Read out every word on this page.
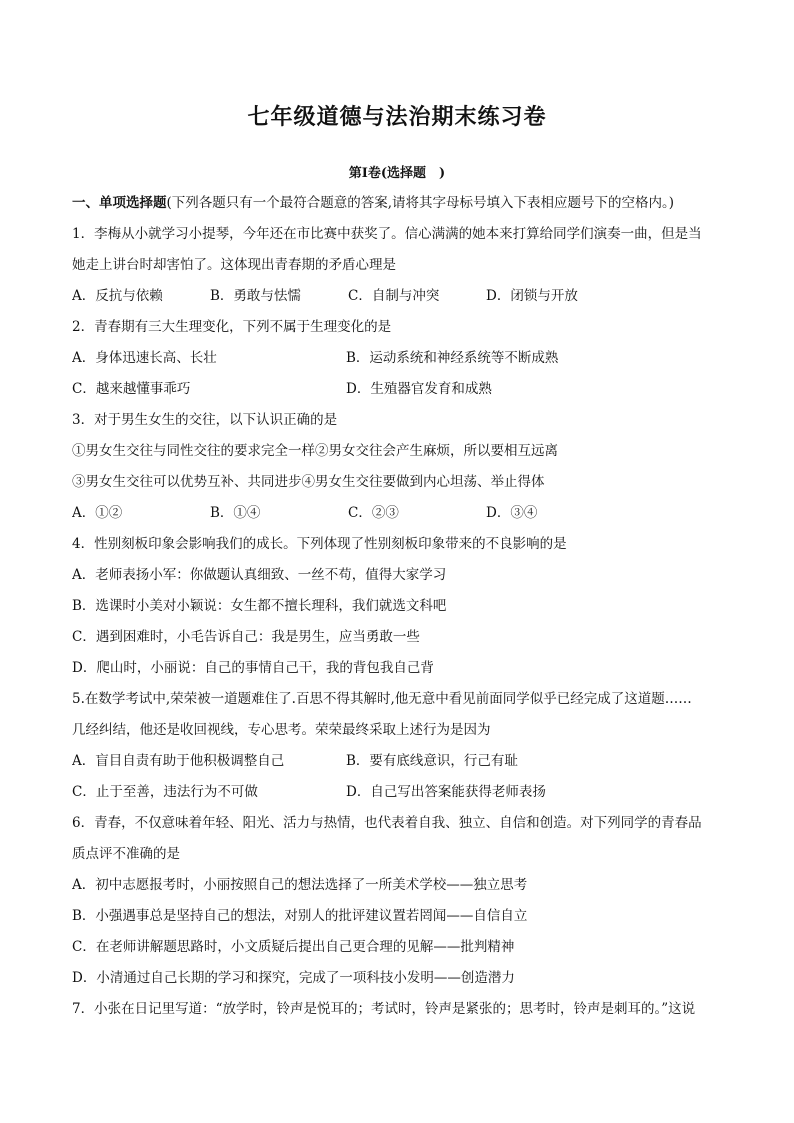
七年级道德与法治期末练习卷
第Ⅰ卷(选择题　)
一、单项选择题(下列各题只有一个最符合题意的答案,请将其字母标号填入下表相应题号下的空格内。)
1．李梅从小就学习小提琴，今年还在市比赛中获奖了。信心满满的她本来打算给同学们演奏一曲，但是当
她走上讲台时却害怕了。这体现出青春期的矛盾心理是
A．反抗与依赖	B．勇敢与怯懦	C．自制与冲突	D．闭锁与开放
2．青春期有三大生理变化，下列不属于生理变化的是
A．身体迅速长高、长壮	B．运动系统和神经系统等不断成熟
C．越来越懂事乖巧	D．生殖器官发育和成熟
3．对于男生女生的交往，以下认识正确的是
①男女生交往与同性交往的要求完全一样②男女交往会产生麻烦，所以要相互远离
③男女生交往可以优势互补、共同进步④男女生交往要做到内心坦荡、举止得体
A．①②	B．①④	C．②③	D．③④
4．性别刻板印象会影响我们的成长。下列体现了性别刻板印象带来的不良影响的是
A．老师表扬小军：你做题认真细致、一丝不苟，值得大家学习
B．选课时小美对小颖说：女生都不擅长理科，我们就选文科吧
C．遇到困难时，小毛告诉自己：我是男生，应当勇敢一些
D．爬山时，小丽说：自己的事情自己干，我的背包我自己背
5.在数学考试中,荣荣被一道题难住了.百思不得其解时,他无意中看见前面同学似乎已经完成了这道题……
几经纠结，他还是收回视线，专心思考。荣荣最终采取上述行为是因为
A．盲目自责有助于他积极调整自己	B．要有底线意识，行己有耻
C．止于至善，违法行为不可做	D．自己写出答案能获得老师表扬
6．青春，不仅意味着年轻、阳光、活力与热情，也代表着自我、独立、自信和创造。对下列同学的青春品
质点评不准确的是
A．初中志愿报考时，小丽按照自己的想法选择了一所美术学校——独立思考
B．小强遇事总是坚持自己的想法，对别人的批评建议置若罔闻——自信自立
C．在老师讲解题思路时，小文质疑后提出自己更合理的见解——批判精神
D．小清通过自己长期的学习和探究，完成了一项科技小发明——创造潜力
7．小张在日记里写道：“放学时，铃声是悦耳的；考试时，铃声是紧张的；思考时，铃声是刺耳的。”这说
